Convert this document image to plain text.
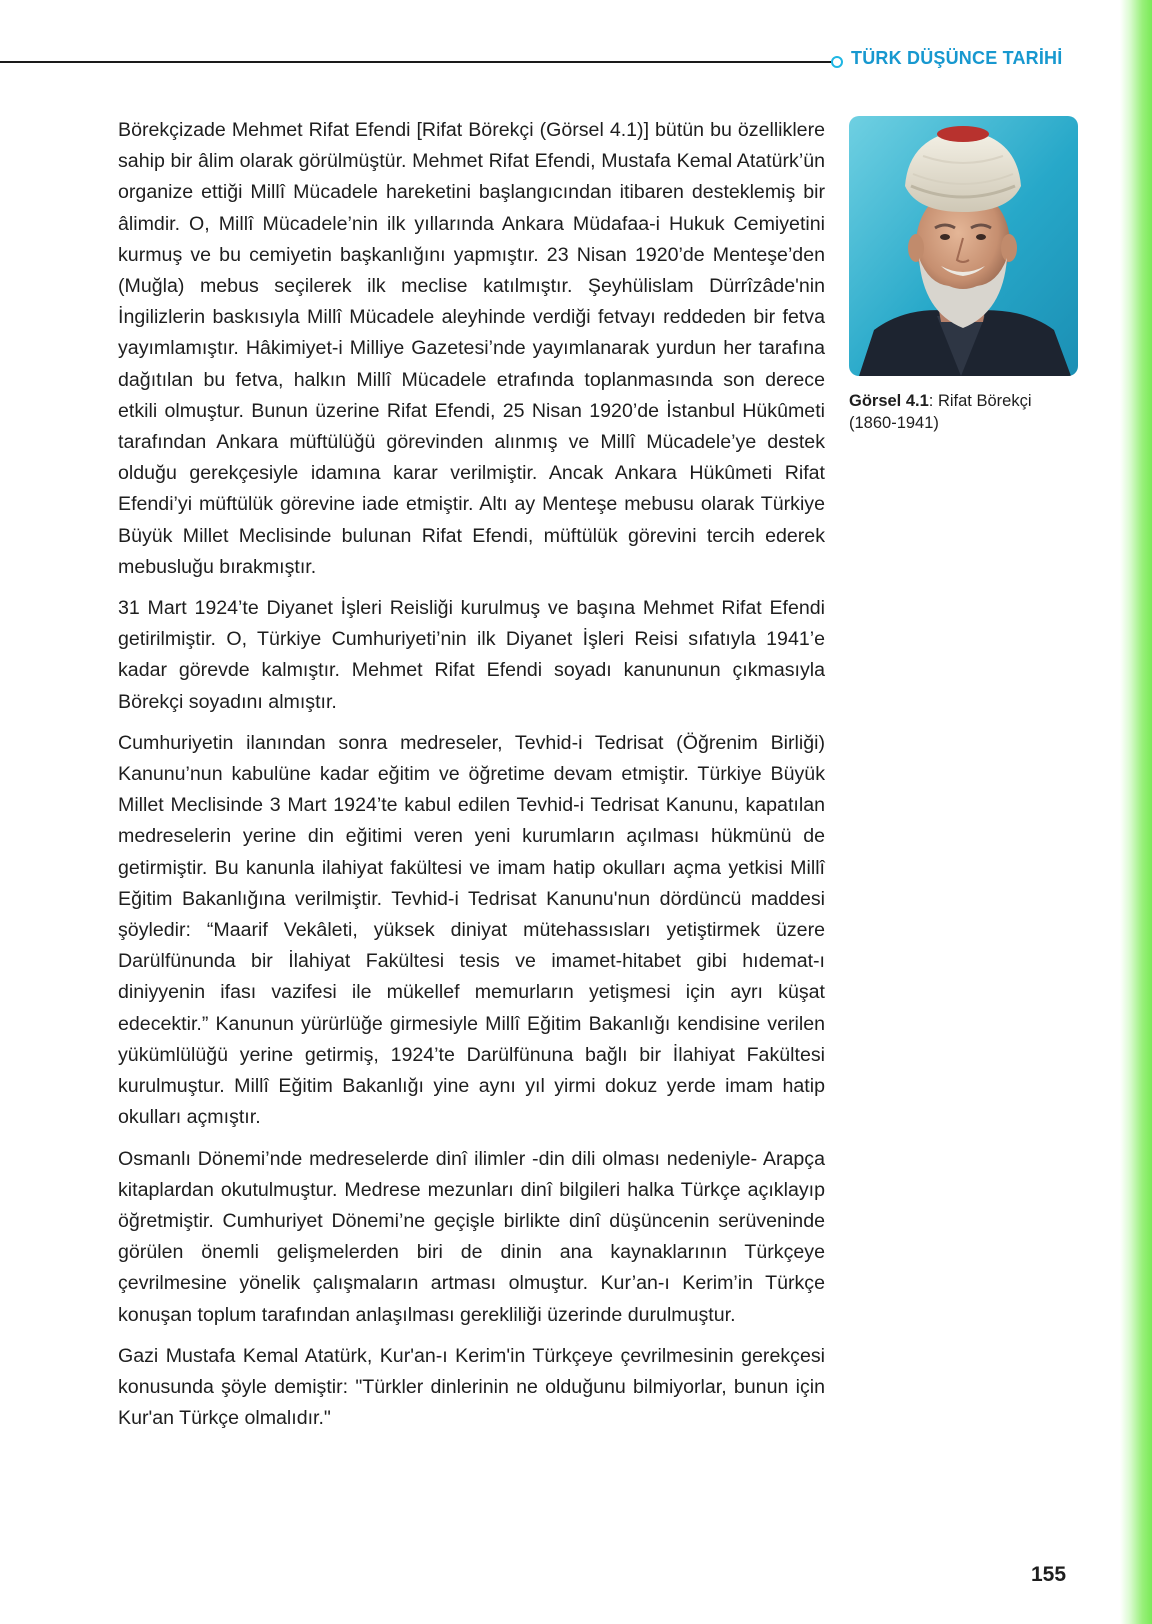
TÜRK DÜŞÜNCE TARİHİ

Börekçizade Mehmet Rifat Efendi [Rifat Börekçi (Görsel 4.1)] bütün bu özelliklere sahip bir âlim olarak görülmüştür. Mehmet Rifat Efendi, Mustafa Kemal Atatürk’ün organize ettiği Millî Mücadele hareketini başlangıcından itibaren desteklemiş bir âlimdir. O, Millî Mücadele’nin ilk yıllarında Ankara Müdafaa-i Hukuk Cemiyetini kurmuş ve bu cemiyetin başkanlığını yapmıştır. 23 Nisan 1920’de Menteşe’den (Muğla) mebus seçilerek ilk meclise katılmıştır. Şeyhülislam Dürrîzâde'nin İngilizlerin baskısıyla Millî Mücadele aleyhinde verdiği fetvayı reddeden bir fetva yayımlamıştır. Hâkimiyet-i Milliye Gazetesi’nde yayımlanarak yurdun her tarafına dağıtılan bu fetva, halkın Millî Mücadele etrafında toplanmasında son derece etkili olmuştur. Bunun üzerine Rifat Efendi, 25 Nisan 1920’de İstanbul Hükûmeti tarafından Ankara müftülüğü görevinden alınmış ve Millî Mücadele’ye destek olduğu gerekçesiyle idamına karar verilmiştir. Ancak Ankara Hükûmeti Rifat Efendi’yi müftülük görevine iade etmiştir. Altı ay Menteşe mebusu olarak Türkiye Büyük Millet Meclisinde bulunan Rifat Efendi, müftülük görevini tercih ederek mebusluğu bırakmıştır.

31 Mart 1924’te Diyanet İşleri Reisliği kurulmuş ve başına Mehmet Rifat Efendi getirilmiştir. O, Türkiye Cumhuriyeti’nin ilk Diyanet İşleri Reisi sıfatıyla 1941’e kadar görevde kalmıştır. Mehmet Rifat Efendi soyadı kanununun çıkmasıyla Börekçi soyadını almıştır.

Cumhuriyetin ilanından sonra medreseler, Tevhid-i Tedrisat (Öğrenim Birliği) Kanunu’nun kabulüne kadar eğitim ve öğretime devam etmiştir. Türkiye Büyük Millet Meclisinde 3 Mart 1924’te kabul edilen Tevhid-i Tedrisat Kanunu, kapatılan medreselerin yerine din eğitimi veren yeni kurumların açılması hükmünü de getirmiştir. Bu kanunla ilahiyat fakültesi ve imam hatip okulları açma yetkisi Millî Eğitim Bakanlığına verilmiştir. Tevhid-i Tedrisat Kanunu'nun dördüncü maddesi şöyledir: “Maarif Vekâleti, yüksek diniyat mütehassısları yetiştirmek üzere Darülfünunda bir İlahiyat Fakültesi tesis ve imamet-hitabet gibi hıdemat-ı diniyyenin ifası vazifesi ile mükellef memurların yetişmesi için ayrı küşat edecektir.” Kanunun yürürlüğe girmesiyle Millî Eğitim Bakanlığı kendisine verilen yükümlülüğü yerine getirmiş, 1924’te Darülfünuna bağlı bir İlahiyat Fakültesi kurulmuştur. Millî Eğitim Bakanlığı yine aynı yıl yirmi dokuz yerde imam hatip okulları açmıştır.

Osmanlı Dönemi’nde medreselerde dinî ilimler -din dili olması nedeniyle- Arapça kitaplardan okutulmuştur. Medrese mezunları dinî bilgileri halka Türkçe açıklayıp öğretmiştir. Cumhuriyet Dönemi’ne geçişle birlikte dinî düşüncenin serüveninde görülen önemli gelişmelerden biri de dinin ana kaynaklarının Türkçeye çevrilmesine yönelik çalışmaların artması olmuştur. Kur’an-ı Kerim’in Türkçe konuşan toplum tarafından anlaşılması gerekliliği üzerinde durulmuştur.

Gazi Mustafa Kemal Atatürk, Kur'an-ı Kerim'in Türkçeye çevrilmesinin gerekçesi konusunda şöyle demiştir: "Türkler dinlerinin ne olduğunu bilmiyorlar, bunun için Kur'an Türkçe olmalıdır."

Görsel 4.1: Rifat Börekçi (1860-1941)
155
